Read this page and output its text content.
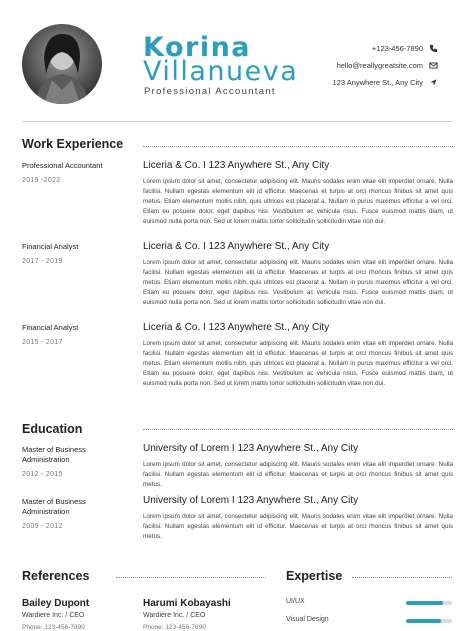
Korina
Villanueva
Professional Accountant
+123-456-7890
hello@reallygreatsite.com
123 Anywhere St., Any City
Work Experience
Professional Accountant
2019 -2022
Liceria & Co. I 123 Anywhere St., Any City
Lorem ipsum dolor sit amet, consectetur adipiscing elit. Mauris sodales enim vitae elit imperdiet ornare. Nulla facilisi. Nullam egestas elementum elit id efficitur. Maecenas et turpis at orci rhoncus finibus sit amet quis metus. Etiam elementum mollis nibh, quis ultrices est placerat a. Nullam in purus maximus efficitur a vel orci. Etiam eu posuere dolor, eget dapibus nisi. Vestibulum ac vehicula risus. Fusce euismod mattis diam, ut euismod nulla porta non. Sed ut lorem mattis tortor sollicitudin sollicitudin vitae non dui.
Financial Analyst
2017 - 2019
Liceria & Co. I 123 Anywhere St., Any City
Lorem ipsum dolor sit amet, consectetur adipiscing elit. Mauris sodales enim vitae elit imperdiet ornare. Nulla facilisi. Nullam egestas elementum elit id efficitur. Maecenas et turpis at orci rhoncus finibus sit amet quis metus. Etiam elementum mollis nibh, quis ultrices est placerat a. Nullam in purus maximus efficitur a vel orci. Etiam eu posuere dolor, eget dapibus nisi. Vestibulum ac vehicula risus. Fusce euismod mattis diam, ut euismod nulla porta non. Sed ut lorem mattis tortor sollicitudin sollicitudin vitae non dui.
Financial Analyst
2015 - 2017
Liceria & Co. I 123 Anywhere St., Any City
Lorem ipsum dolor sit amet, consectetur adipiscing elit. Mauris sodales enim vitae elit imperdiet ornare. Nulla facilisi. Nullam egestas elementum elit id efficitur. Maecenas et turpis at orci rhoncus finibus sit amet quis metus. Etiam elementum mollis nibh, quis ultrices est placerat a. Nullam in purus maximus efficitur a vel orci. Etiam eu posuere dolor, eget dapibus nisi. Vestibulum ac vehicula risus. Fusce euismod mattis diam, ut euismod nulla porta non. Sed ut lorem mattis tortor sollicitudin sollicitudin vitae non dui.
Education
Master of Business
Administration
2012 - 2015
University of Lorem I 123 Anywhere St., Any City
Lorem ipsum dolor sit amet, consectetur adipiscing elit. Mauris sodales enim vitae elit imperdiet ornare. Nulla facilisi. Nullam egestas elementum elit id efficitur. Maecenas et turpis at orci rhoncus finibus sit amet quis metus.
Master of Business
Administration
2009 - 2012
University of Lorem I 123 Anywhere St., Any City
Lorem ipsum dolor sit amet, consectetur adipiscing elit. Mauris sodales enim vitae elit imperdiet ornare. Nulla facilisi. Nullam egestas elementum elit id efficitur. Maecenas et turpis at orci rhoncus finibus sit amet quis metus.
References
Bailey Dupont
Wardiere Inc. / CEO
Phone: 123-456-7890
Harumi Kobayashi
Wardiere Inc. / CEO
Phone: 123-456-7890
Expertise
UI/UX
Visual Design
